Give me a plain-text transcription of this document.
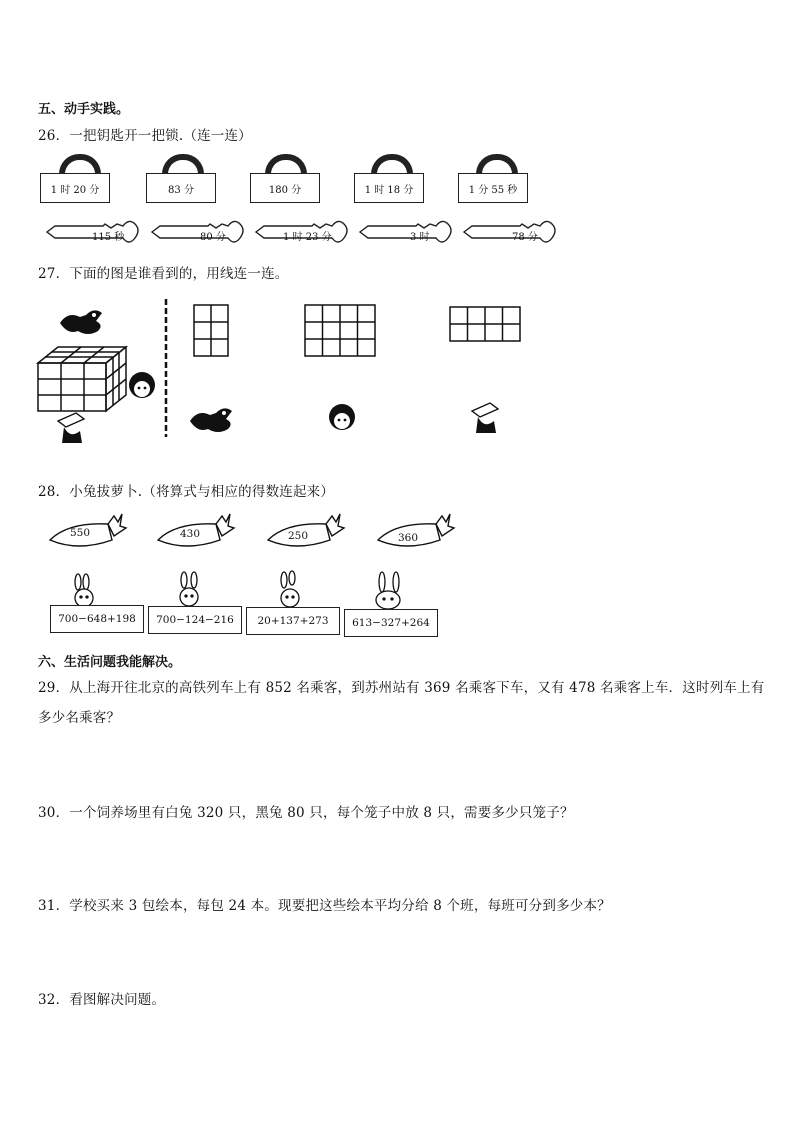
五、动手实践。
26．一把钥匙开一把锁.（连一连）
1 时 20 分	83 分	180 分	1 时 18 分	1 分 55 秒
115 秒	80 分	1 时 23 分	3 时	78 分
27．下面的图是谁看到的，用线连一连。
28．小兔拔萝卜.（将算式与相应的得数连起来）
550	430	250	360
700−648+198	700−124−216	20+137+273	613−327+264
六、生活问题我能解决。
29．从上海开往北京的高铁列车上有 852 名乘客，到苏州站有 369 名乘客下车，又有 478 名乘客上车．这时列车上有
多少名乘客？
30．一个饲养场里有白兔 320 只，黑兔 80 只，每个笼子中放 8 只，需要多少只笼子？
31．学校买来 3 包绘本，每包 24 本。现要把这些绘本平均分给 8 个班，每班可分到多少本？
32．看图解决问题。
